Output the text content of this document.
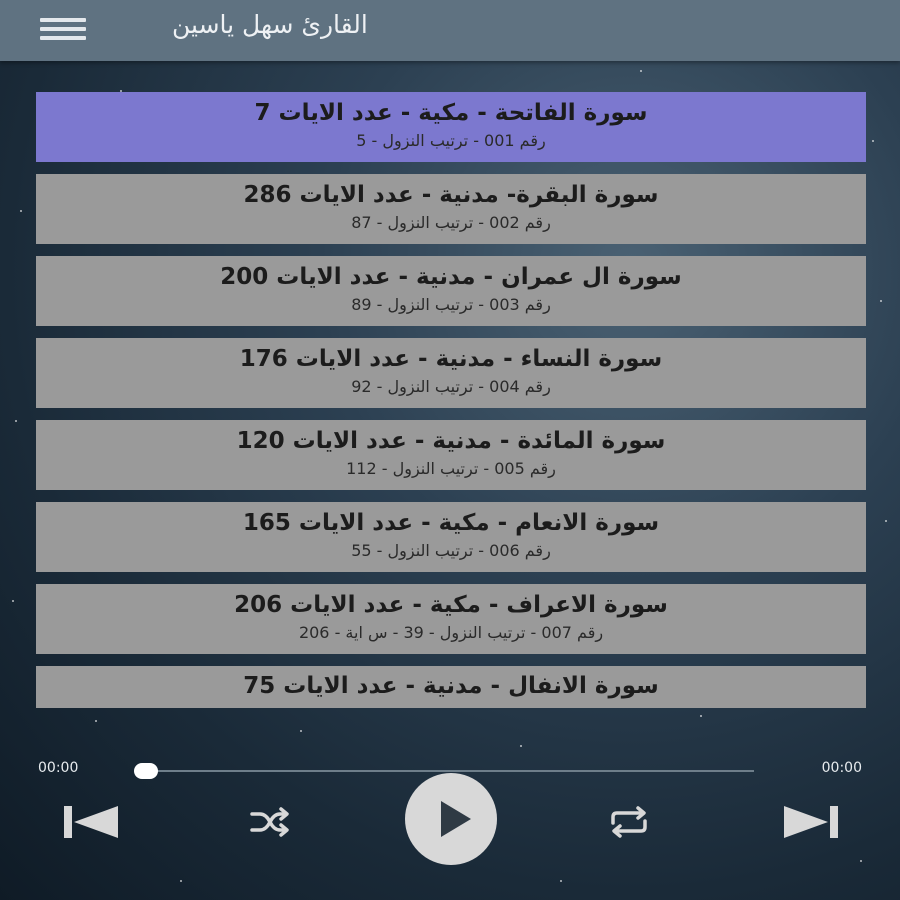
القارئ سهل ياسين
سورة الفاتحة - مكية - عدد الايات 7
رقم 001 - ترتيب النزول - 5
سورة البقرة- مدنية - عدد الايات 286
رقم 002 - ترتيب النزول - 87
سورة ال عمران - مدنية - عدد الايات 200
رقم 003 - ترتيب النزول - 89
سورة النساء - مدنية - عدد الايات 176
رقم 004 - ترتيب النزول - 92
سورة المائدة - مدنية - عدد الايات 120
رقم 005 - ترتيب النزول - 112
سورة الانعام - مكية - عدد الايات 165
رقم 006 - ترتيب النزول - 55
سورة الاعراف - مكية - عدد الايات 206
رقم 007 - ترتيب النزول - 39 - س اية - 206
سورة الانفال - مدنية - عدد الايات 75
00:00	00:00
